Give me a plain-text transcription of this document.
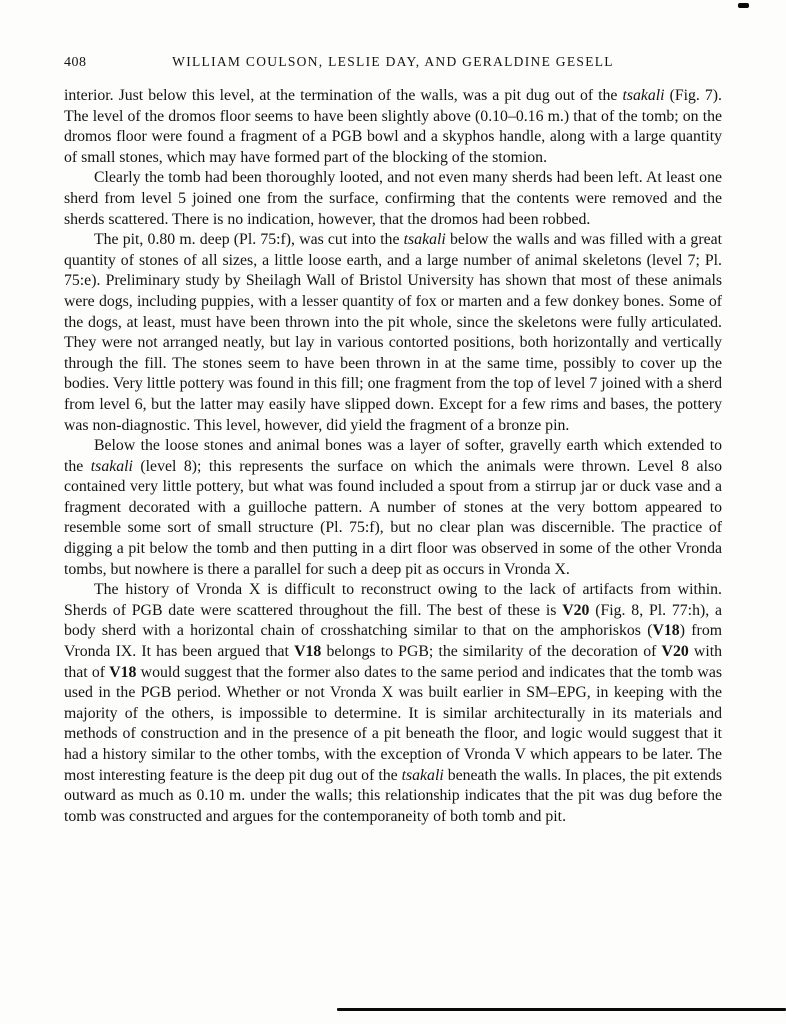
408	WILLIAM COULSON, LESLIE DAY, AND GERALDINE GESELL

interior. Just below this level, at the termination of the walls, was a pit dug out of the tsakali (Fig. 7). The level of the dromos floor seems to have been slightly above (0.10–0.16 m.) that of the tomb; on the dromos floor were found a fragment of a PGB bowl and a skyphos handle, along with a large quantity of small stones, which may have formed part of the blocking of the stomion.

Clearly the tomb had been thoroughly looted, and not even many sherds had been left. At least one sherd from level 5 joined one from the surface, confirming that the contents were removed and the sherds scattered. There is no indication, however, that the dromos had been robbed.

The pit, 0.80 m. deep (Pl. 75:f), was cut into the tsakali below the walls and was filled with a great quantity of stones of all sizes, a little loose earth, and a large number of animal skeletons (level 7; Pl. 75:e). Preliminary study by Sheilagh Wall of Bristol University has shown that most of these animals were dogs, including puppies, with a lesser quantity of fox or marten and a few donkey bones. Some of the dogs, at least, must have been thrown into the pit whole, since the skeletons were fully articulated. They were not arranged neatly, but lay in various contorted positions, both horizontally and vertically through the fill. The stones seem to have been thrown in at the same time, possibly to cover up the bodies. Very little pottery was found in this fill; one fragment from the top of level 7 joined with a sherd from level 6, but the latter may easily have slipped down. Except for a few rims and bases, the pottery was non-diagnostic. This level, however, did yield the fragment of a bronze pin.

Below the loose stones and animal bones was a layer of softer, gravelly earth which extended to the tsakali (level 8); this represents the surface on which the animals were thrown. Level 8 also contained very little pottery, but what was found included a spout from a stirrup jar or duck vase and a fragment decorated with a guilloche pattern. A number of stones at the very bottom appeared to resemble some sort of small structure (Pl. 75:f), but no clear plan was discernible. The practice of digging a pit below the tomb and then putting in a dirt floor was observed in some of the other Vronda tombs, but nowhere is there a parallel for such a deep pit as occurs in Vronda X.

The history of Vronda X is difficult to reconstruct owing to the lack of artifacts from within. Sherds of PGB date were scattered throughout the fill. The best of these is V20 (Fig. 8, Pl. 77:h), a body sherd with a horizontal chain of crosshatching similar to that on the amphoriskos (V18) from Vronda IX. It has been argued that V18 belongs to PGB; the similarity of the decoration of V20 with that of V18 would suggest that the former also dates to the same period and indicates that the tomb was used in the PGB period. Whether or not Vronda X was built earlier in SM–EPG, in keeping with the majority of the others, is impossible to determine. It is similar architecturally in its materials and methods of construction and in the presence of a pit beneath the floor, and logic would suggest that it had a history similar to the other tombs, with the exception of Vronda V which appears to be later. The most interesting feature is the deep pit dug out of the tsakali beneath the walls. In places, the pit extends outward as much as 0.10 m. under the walls; this relationship indicates that the pit was dug before the tomb was constructed and argues for the contemporaneity of both tomb and pit.
